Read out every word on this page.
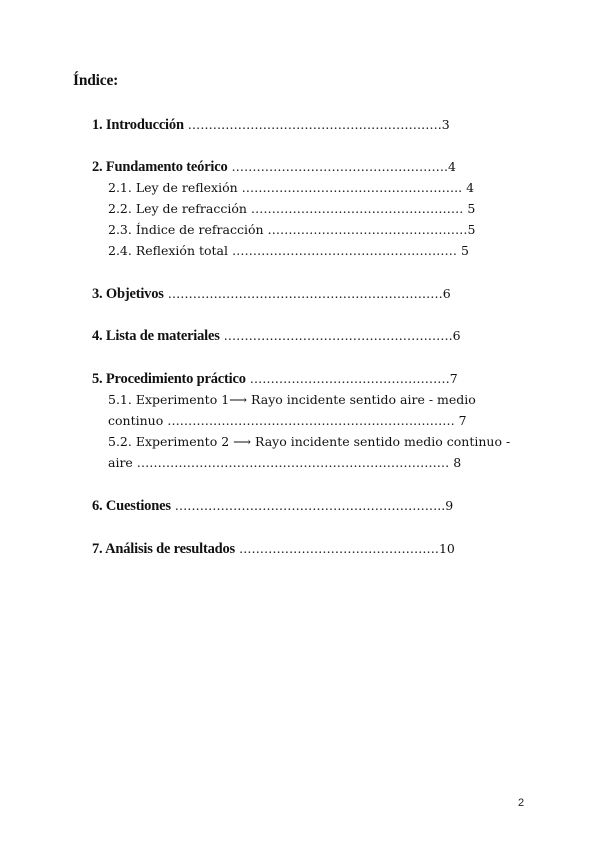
Índice:
1. Introducción …………………………………………………….3
2. Fundamento teórico …………………………………………….4
2.1. Ley de reflexión …………………………………………….. 4
2.2. Ley de refracción …………………………………………… 5
2.3. Índice de refracción …………………………………………5
2.4. Reflexión total ……………………………………………… 5
3. Objetivos …………………………………………………………6
4. Lista de materiales ……………………………………………….6
5. Procedimiento práctico …………………………………………7
5.1. Experimento 1⟶ Rayo incidente sentido aire - medio
continuo …………………………………………………………… 7
5.2. Experimento 2 ⟶ Rayo incidente sentido medio continuo -
aire ………………………………………………………………… 8
6. Cuestiones ………………………………………………………..9
7. Análisis de resultados …………………………………………10
2
